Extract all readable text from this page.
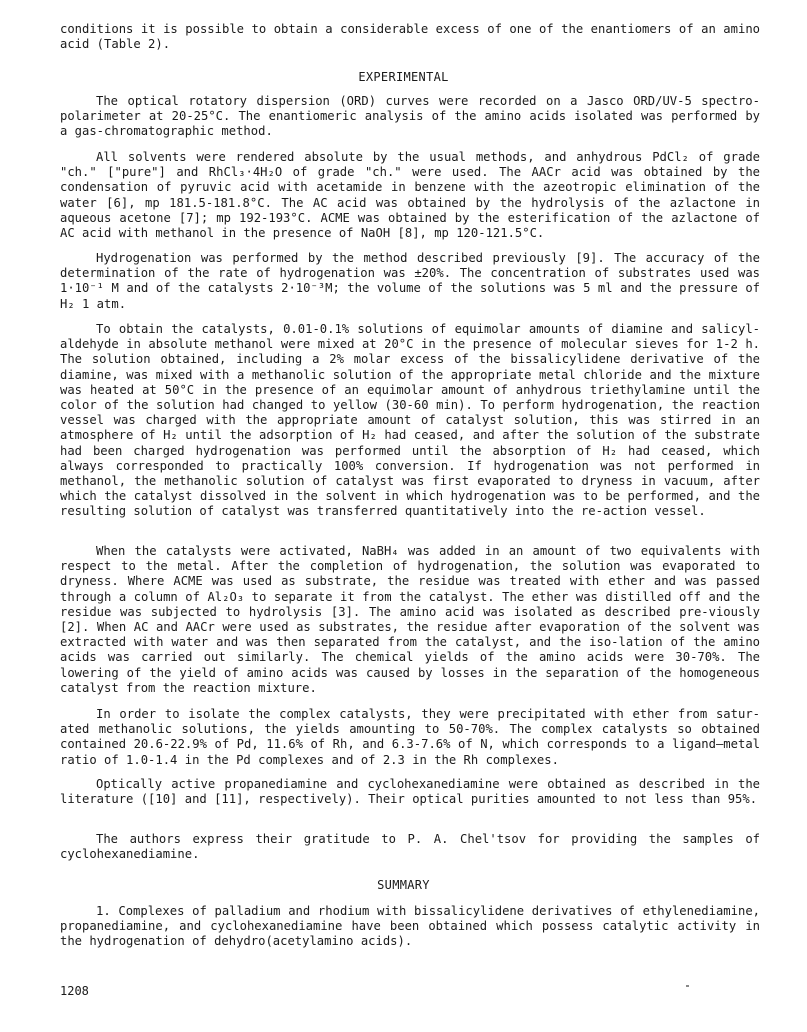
conditions it is possible to obtain a considerable excess of one of the enantiomers of an amino acid (Table 2).
EXPERIMENTAL
The optical rotatory dispersion (ORD) curves were recorded on a Jasco ORD/UV-5 spectro-polarimeter at 20-25°C. The enantiomeric analysis of the amino acids isolated was performed by a gas-chromatographic method.
All solvents were rendered absolute by the usual methods, and anhydrous PdCl₂ of grade "ch." ["pure"] and RhCl₃·4H₂O of grade "ch." were used. The AACr acid was obtained by the condensation of pyruvic acid with acetamide in benzene with the azeotropic elimination of the water [6], mp 181.5-181.8°C. The AC acid was obtained by the hydrolysis of the azlactone in aqueous acetone [7]; mp 192-193°C. ACME was obtained by the esterification of the azlactone of AC acid with methanol in the presence of NaOH [8], mp 120-121.5°C.
Hydrogenation was performed by the method described previously [9]. The accuracy of the determination of the rate of hydrogenation was ±20%. The concentration of substrates used was 1·10⁻¹ M and of the catalysts 2·10⁻³M; the volume of the solutions was 5 ml and the pressure of H₂ 1 atm.
To obtain the catalysts, 0.01-0.1% solutions of equimolar amounts of diamine and salicyl-aldehyde in absolute methanol were mixed at 20°C in the presence of molecular sieves for 1-2 h. The solution obtained, including a 2% molar excess of the bissalicylidene derivative of the diamine, was mixed with a methanolic solution of the appropriate metal chloride and the mixture was heated at 50°C in the presence of an equimolar amount of anhydrous triethylamine until the color of the solution had changed to yellow (30-60 min). To perform hydrogenation, the reaction vessel was charged with the appropriate amount of catalyst solution, this was stirred in an atmosphere of H₂ until the adsorption of H₂ had ceased, and after the solution of the substrate had been charged hydrogenation was performed until the absorption of H₂ had ceased, which always corresponded to practically 100% conversion. If hydrogenation was not performed in methanol, the methanolic solution of catalyst was first evaporated to dryness in vacuum, after which the catalyst dissolved in the solvent in which hydrogenation was to be performed, and the resulting solution of catalyst was transferred quantitatively into the re-action vessel.
When the catalysts were activated, NaBH₄ was added in an amount of two equivalents with respect to the metal. After the completion of hydrogenation, the solution was evaporated to dryness. Where ACME was used as substrate, the residue was treated with ether and was passed through a column of Al₂O₃ to separate it from the catalyst. The ether was distilled off and the residue was subjected to hydrolysis [3]. The amino acid was isolated as described pre-viously [2]. When AC and AACr were used as substrates, the residue after evaporation of the solvent was extracted with water and was then separated from the catalyst, and the iso-lation of the amino acids was carried out similarly. The chemical yields of the amino acids were 30-70%. The lowering of the yield of amino acids was caused by losses in the separation of the homogeneous catalyst from the reaction mixture.
In order to isolate the complex catalysts, they were precipitated with ether from satur-ated methanolic solutions, the yields amounting to 50-70%. The complex catalysts so obtained contained 20.6-22.9% of Pd, 11.6% of Rh, and 6.3-7.6% of N, which corresponds to a ligand—metal ratio of 1.0-1.4 in the Pd complexes and of 2.3 in the Rh complexes.
Optically active propanediamine and cyclohexanediamine were obtained as described in the literature ([10] and [11], respectively). Their optical purities amounted to not less than 95%.
The authors express their gratitude to P. A. Chel'tsov for providing the samples of cyclohexanediamine.
SUMMARY
1. Complexes of palladium and rhodium with bissalicylidene derivatives of ethylenediamine, propanediamine, and cyclohexanediamine have been obtained which possess catalytic activity in the hydrogenation of dehydro(acetylamino acids).
1208
